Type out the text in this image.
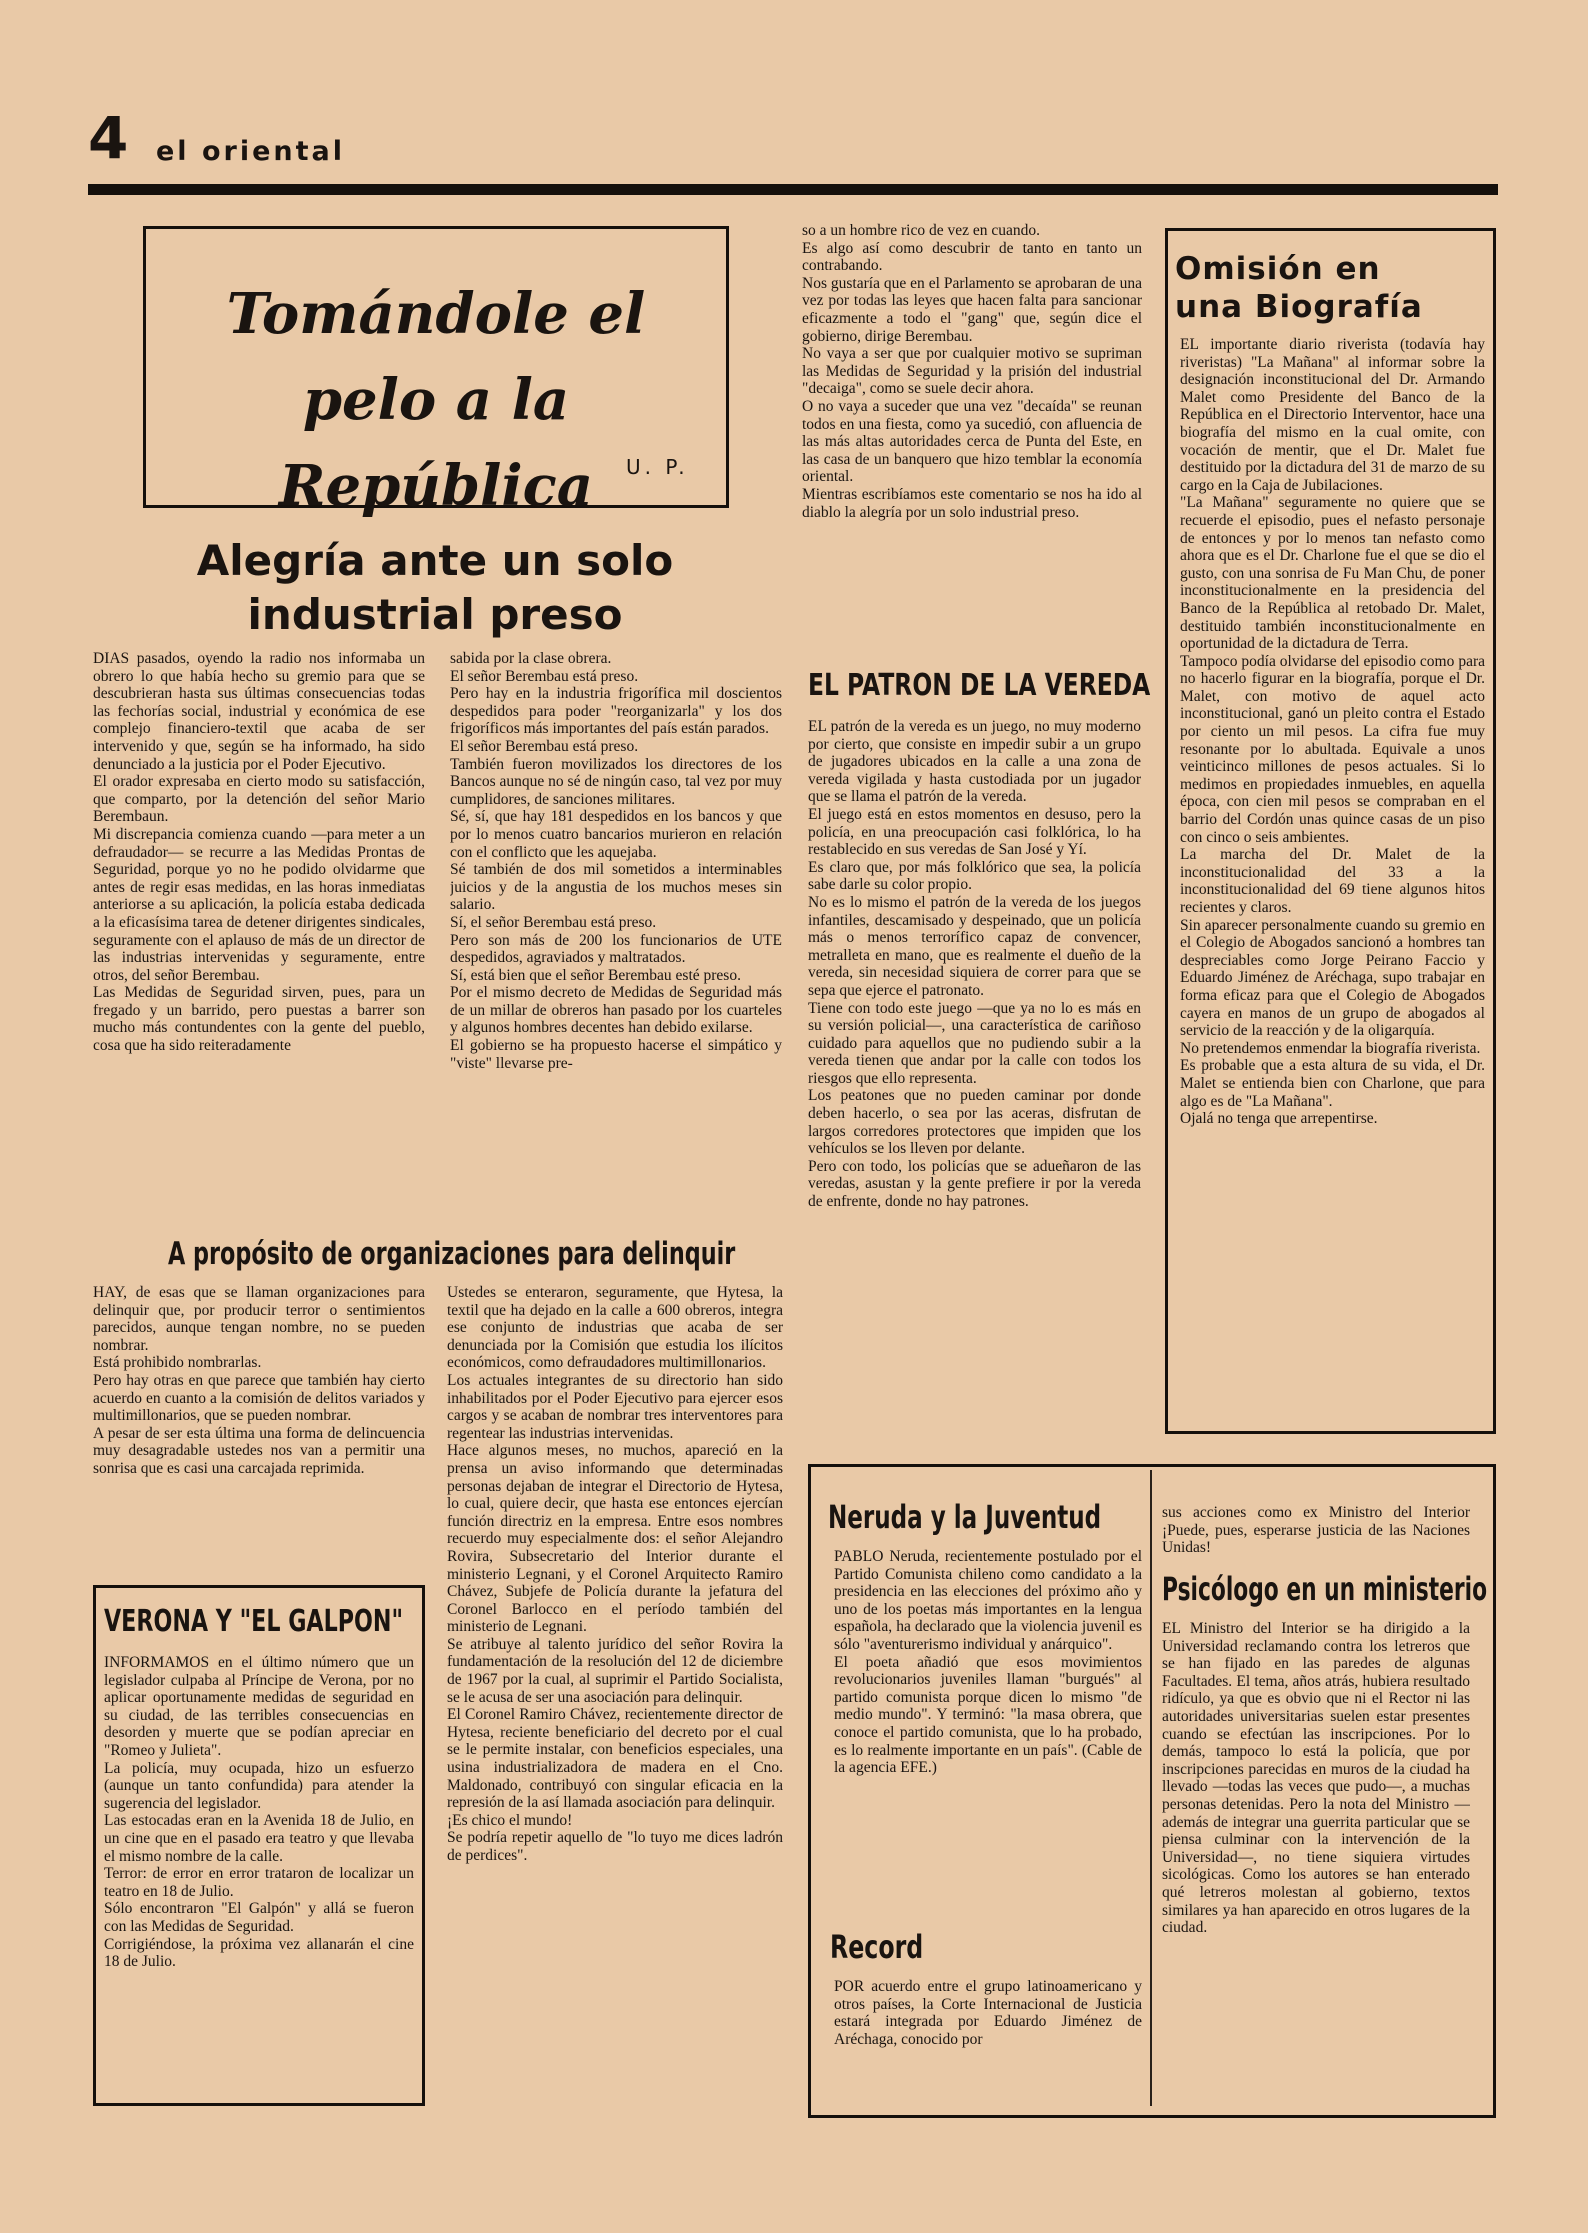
4 el oriental
Tomándole el pelo a la República	U. P.
Alegría ante un solo industrial preso
DIAS pasados, oyendo la radio nos informaba un obrero lo que había hecho su gremio para que se descubrieran hasta sus últimas consecuencias todas las fechorías social, industrial y económica de ese complejo financiero-textil que acaba de ser intervenido y que, según se ha informado, ha sido denunciado a la justicia por el Poder Ejecutivo.
El orador expresaba en cierto modo su satisfacción, que comparto, por la detención del señor Mario Berembaun.
Mi discrepancia comienza cuando —para meter a un defraudador— se recurre a las Medidas Prontas de Seguridad, porque yo no he podido olvidarme que antes de regir esas medidas, en las horas inmediatas anteriorse a su aplicación, la policía estaba dedicada a la eficasísima tarea de detener dirigentes sindicales, seguramente con el aplauso de más de un director de las industrias intervenidas y seguramente, entre otros, del señor Berembau.
Las Medidas de Seguridad sirven, pues, para un fregado y un barrido, pero puestas a barrer son mucho más contundentes con la gente del pueblo, cosa que ha sido reiteradamente
sabida por la clase obrera.
El señor Berembau está preso.
Pero hay en la industria frigorífica mil doscientos despedidos para poder "reorganizarla" y los dos frigoríficos más importantes del país están parados.
El señor Berembau está preso.
También fueron movilizados los directores de los Bancos aunque no sé de ningún caso, tal vez por muy cumplidores, de sanciones militares.
Sé, sí, que hay 181 despedidos en los bancos y que por lo menos cuatro bancarios murieron en relación con el conflicto que les aquejaba.
Sé también de dos mil sometidos a interminables juicios y de la angustia de los muchos meses sin salario.
Sí, el señor Berembau está preso.
Pero son más de 200 los funcionarios de UTE despedidos, agraviados y maltratados.
Sí, está bien que el señor Berembau esté preso.
Por el mismo decreto de Medidas de Seguridad más de un millar de obreros han pasado por los cuarteles y algunos hombres decentes han debido exilarse.
El gobierno se ha propuesto hacerse el simpático y "viste" llevarse pre-
so a un hombre rico de vez en cuando.
Es algo así como descubrir de tanto en tanto un contrabando.
Nos gustaría que en el Parlamento se aprobaran de una vez por todas las leyes que hacen falta para sancionar eficazmente a todo el "gang" que, según dice el gobierno, dirige Berembau.
No vaya a ser que por cualquier motivo se supriman las Medidas de Seguridad y la prisión del industrial "decaiga", como se suele decir ahora.
O no vaya a suceder que una vez "decaída" se reunan todos en una fiesta, como ya sucedió, con afluencia de las más altas autoridades cerca de Punta del Este, en las casa de un banquero que hizo temblar la economía oriental.
Mientras escribíamos este comentario se nos ha ido al diablo la alegría por un solo industrial preso.
EL PATRON DE LA VEREDA
EL patrón de la vereda es un juego, no muy moderno por cierto, que consiste en impedir subir a un grupo de jugadores ubicados en la calle a una zona de vereda vigilada y hasta custodiada por un jugador que se llama el patrón de la vereda.
El juego está en estos momentos en desuso, pero la policía, en una preocupación casi folklórica, lo ha restablecido en sus veredas de San José y Yí.
Es claro que, por más folklórico que sea, la policía sabe darle su color propio.
No es lo mismo el patrón de la vereda de los juegos infantiles, descamisado y despeinado, que un policía más o menos terrorífico capaz de convencer, metralleta en mano, que es realmente el dueño de la vereda, sin necesidad siquiera de correr para que se sepa que ejerce el patronato.
Tiene con todo este juego —que ya no lo es más en su versión policial—, una característica de cariñoso cuidado para aquellos que no pudiendo subir a la vereda tienen que andar por la calle con todos los riesgos que ello representa.
Los peatones que no pueden caminar por donde deben hacerlo, o sea por las aceras, disfrutan de largos corredores protectores que impiden que los vehículos se los lleven por delante.
Pero con todo, los policías que se adueñaron de las veredas, asustan y la gente prefiere ir por la vereda de enfrente, donde no hay patrones.
Omisión en una Biografía
EL importante diario riverista (todavía hay riveristas) "La Mañana" al informar sobre la designación inconstitucional del Dr. Armando Malet como Presidente del Banco de la República en el Directorio Interventor, hace una biografía del mismo en la cual omite, con vocación de mentir, que el Dr. Malet fue destituido por la dictadura del 31 de marzo de su cargo en la Caja de Jubilaciones.
"La Mañana" seguramente no quiere que se recuerde el episodio, pues el nefasto personaje de entonces y por lo menos tan nefasto como ahora que es el Dr. Charlone fue el que se dio el gusto, con una sonrisa de Fu Man Chu, de poner inconstitucionalmente en la presidencia del Banco de la República al retobado Dr. Malet, destituido también inconstitucionalmente en oportunidad de la dictadura de Terra.
Tampoco podía olvidarse del episodio como para no hacerlo figurar en la biografía, porque el Dr. Malet, con motivo de aquel acto inconstitucional, ganó un pleito contra el Estado por ciento un mil pesos. La cifra fue muy resonante por lo abultada. Equivale a unos veinticinco millones de pesos actuales. Si lo medimos en propiedades inmuebles, en aquella época, con cien mil pesos se compraban en el barrio del Cordón unas quince casas de un piso con cinco o seis ambientes.
La marcha del Dr. Malet de la inconstitucionalidad del 33 a la inconstitucionalidad del 69 tiene algunos hitos recientes y claros.
Sin aparecer personalmente cuando su gremio en el Colegio de Abogados sancionó a hombres tan despreciables como Jorge Peirano Faccio y Eduardo Jiménez de Aréchaga, supo trabajar en forma eficaz para que el Colegio de Abogados cayera en manos de un grupo de abogados al servicio de la reacción y de la oligarquía.
No pretendemos enmendar la biografía riverista.
Es probable que a esta altura de su vida, el Dr. Malet se entienda bien con Charlone, que para algo es de "La Mañana".
Ojalá no tenga que arrepentirse.
A propósito de organizaciones para delinquir
HAY, de esas que se llaman organizaciones para delinquir que, por producir terror o sentimientos parecidos, aunque tengan nombre, no se pueden nombrar.
Está prohibido nombrarlas.
Pero hay otras en que parece que también hay cierto acuerdo en cuanto a la comisión de delitos variados y multimillonarios, que se pueden nombrar.
A pesar de ser esta última una forma de delincuencia muy desagradable ustedes nos van a permitir una sonrisa que es casi una carcajada reprimida.
Ustedes se enteraron, seguramente, que Hytesa, la textil que ha dejado en la calle a 600 obreros, integra ese conjunto de industrias que acaba de ser denunciada por la Comisión que estudia los ilícitos económicos, como defraudadores multimillonarios.
Los actuales integrantes de su directorio han sido inhabilitados por el Poder Ejecutivo para ejercer esos cargos y se acaban de nombrar tres interventores para regentear las industrias intervenidas.
Hace algunos meses, no muchos, apareció en la prensa un aviso informando que determinadas personas dejaban de integrar el Directorio de Hytesa, lo cual, quiere decir, que hasta ese entonces ejercían función directriz en la empresa. Entre esos nombres recuerdo muy especialmente dos: el señor Alejandro Rovira, Subsecretario del Interior durante el ministerio Legnani, y el Coronel Arquitecto Ramiro Chávez, Subjefe de Policía durante la jefatura del Coronel Barlocco en el período también del ministerio de Legnani.
Se atribuye al talento jurídico del señor Rovira la fundamentación de la resolución del 12 de diciembre de 1967 por la cual, al suprimir el Partido Socialista, se le acusa de ser una asociación para delinquir.
El Coronel Ramiro Chávez, recientemente director de Hytesa, reciente beneficiario del decreto por el cual se le permite instalar, con beneficios especiales, una usina industrializadora de madera en el Cno. Maldonado, contribuyó con singular eficacia en la represión de la así llamada asociación para delinquir.
¡Es chico el mundo!
Se podría repetir aquello de "lo tuyo me dices ladrón de perdices".
VERONA Y "EL GALPON"
INFORMAMOS en el último número que un legislador culpaba al Príncipe de Verona, por no aplicar oportunamente medidas de seguridad en su ciudad, de las terribles consecuencias en desorden y muerte que se podían apreciar en "Romeo y Julieta".
La policía, muy ocupada, hizo un esfuerzo (aunque un tanto confundida) para atender la sugerencia del legislador.
Las estocadas eran en la Avenida 18 de Julio, en un cine que en el pasado era teatro y que llevaba el mismo nombre de la calle.
Terror: de error en error trataron de localizar un teatro en 18 de Julio.
Sólo encontraron "El Galpón" y allá se fueron con las Medidas de Seguridad.
Corrigiéndose, la próxima vez allanarán el cine 18 de Julio.
Neruda y la Juventud
PABLO Neruda, recientemente postulado por el Partido Comunista chileno como candidato a la presidencia en las elecciones del próximo año y uno de los poetas más importantes en la lengua española, ha declarado que la violencia juvenil es sólo "aventurerismo individual y anárquico".
El poeta añadió que esos movimientos revolucionarios juveniles llaman "burgués" al partido comunista porque dicen lo mismo "de medio mundo". Y terminó: "la masa obrera, que conoce el partido comunista, que lo ha probado, es lo realmente importante en un país". (Cable de la agencia EFE.)
Record
POR acuerdo entre el grupo latinoamericano y otros países, la Corte Internacional de Justicia estará integrada por Eduardo Jiménez de Aréchaga, conocido por
sus acciones como ex Ministro del Interior ¡Puede, pues, esperarse justicia de las Naciones Unidas!
Psicólogo en un ministerio
EL Ministro del Interior se ha dirigido a la Universidad reclamando contra los letreros que se han fijado en las paredes de algunas Facultades. El tema, años atrás, hubiera resultado ridículo, ya que es obvio que ni el Rector ni las autoridades universitarias suelen estar presentes cuando se efectúan las inscripciones. Por lo demás, tampoco lo está la policía, que por inscripciones parecidas en muros de la ciudad ha llevado —todas las veces que pudo—, a muchas personas detenidas. Pero la nota del Ministro —además de integrar una guerrita particular que se piensa culminar con la intervención de la Universidad—, no tiene siquiera virtudes sicológicas. Como los autores se han enterado qué letreros molestan al gobierno, textos similares ya han aparecido en otros lugares de la ciudad.
